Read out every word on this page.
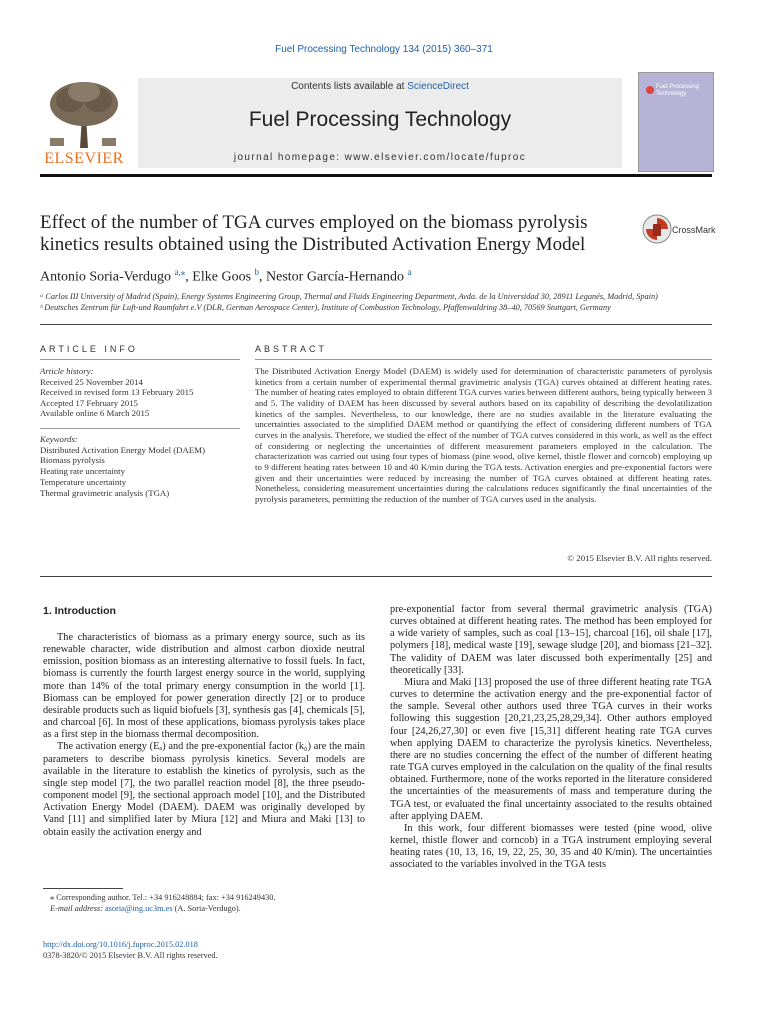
Fuel Processing Technology 134 (2015) 360–371
Contents lists available at ScienceDirect
Fuel Processing Technology
journal homepage: www.elsevier.com/locate/fuproc
ELSEVIER
Fuel Processing Technology
Effect of the number of TGA curves employed on the biomass pyrolysis kinetics results obtained using the Distributed Activation Energy Model
CrossMark
Antonio Soria-Verdugo $^{a,⁎}$, Elke Goos $^b$, Nestor García-Hernando $^a$
ᵃ Carlos III University of Madrid (Spain), Energy Systems Engineering Group, Thermal and Fluids Engineering Department, Avda. de la Universidad 30, 28911 Leganés, Madrid, Spain)
ᵇ Deutsches Zentrum für Luft-und Raumfahrt e.V (DLR, German Aerospace Center), Institute of Combustion Technology, Pfaffenwaldring 38–40, 70569 Stuttgart, Germany
ARTICLE INFO
Article history:
Received 25 November 2014
Received in revised form 13 February 2015
Accepted 17 February 2015
Available online 6 March 2015
Keywords:
Distributed Activation Energy Model (DAEM)
Biomass pyrolysis
Heating rate uncertainty
Temperature uncertainty
Thermal gravimetric analysis (TGA)
ABSTRACT
The Distributed Activation Energy Model (DAEM) is widely used for determination of characteristic parameters of pyrolysis kinetics from a certain number of experimental thermal gravimetric analysis (TGA) curves obtained at different heating rates. The number of heating rates employed to obtain different TGA curves varies between different authors, being typically between 3 and 5. The validity of DAEM has been discussed by several authors based on its capability of describing the devolatilization kinetics of the samples. Nevertheless, to our knowledge, there are no studies available in the literature evaluating the uncertainties associated to the simplified DAEM method or quantifying the effect of considering different numbers of TGA curves in the analysis. Therefore, we studied the effect of the number of TGA curves considered in this work, as well as the effect of considering or neglecting the uncertainties of different measurement parameters employed in the calculation. The characterization was carried out using four types of biomass (pine wood, olive kernel, thistle flower and corncob) employing up to 9 different heating rates between 10 and 40 K/min during the TGA tests. Activation energies and pre-exponential factors were given and their uncertainties were reduced by increasing the number of TGA curves obtained at different heating rates. Nonetheless, considering measurement uncertainties during the calculations reduces significantly the final uncertainties of the pyrolysis parameters, permitting the reduction of the number of TGA curves used in the analysis.
© 2015 Elsevier B.V. All rights reserved.
1. Introduction

The characteristics of biomass as a primary energy source, such as its renewable character, wide distribution and almost carbon dioxide neutral emission, position biomass as an interesting alternative to fossil fuels. In fact, biomass is currently the fourth largest energy source in the world, supplying more than 14% of the total primary energy consumption in the world [1]. Biomass can be employed for power generation directly [2] or to produce desirable products such as liquid biofuels [3], synthesis gas [4], chemicals [5], and charcoal [6]. In most of these applications, biomass pyrolysis takes place as a first step in the biomass thermal decomposition.

The activation energy (Eₐ) and the pre-exponential factor (k₀) are the main parameters to describe biomass pyrolysis kinetics. Several models are available in the literature to establish the kinetics of pyrolysis, such as the single step model [7], the two parallel reaction model [8], the three pseudo-component model [9], the sectional approach model [10], and the Distributed Activation Energy Model (DAEM). DAEM was originally developed by Vand [11] and simplified later by Miura [12] and Miura and Maki [13] to obtain easily the activation energy and

pre-exponential factor from several thermal gravimetric analysis (TGA) curves obtained at different heating rates. The method has been employed for a wide variety of samples, such as coal [13–15], charcoal [16], oil shale [17], polymers [18], medical waste [19], sewage sludge [20], and biomass [21–32]. The validity of DAEM was later discussed both experimentally [25] and theoretically [33].

Miura and Maki [13] proposed the use of three different heating rate TGA curves to determine the activation energy and the pre-exponential factor of the sample. Several other authors used three TGA curves in their works following this suggestion [20,21,23,25,28,29,34]. Other authors employed four [24,26,27,30] or even five [15,31] different heating rate TGA curves when applying DAEM to characterize the pyrolysis kinetics. Nevertheless, there are no studies concerning the effect of the number of different heating rate TGA curves employed in the calculation on the quality of the final results obtained. Furthermore, none of the works reported in the literature considered the uncertainties of the measurements of mass and temperature during the TGA test, or evaluated the final uncertainty associated to the results obtained after applying DAEM.

In this work, four different biomasses were tested (pine wood, olive kernel, thistle flower and corncob) in a TGA instrument employing several heating rates (10, 13, 16, 19, 22, 25, 30, 35 and 40 K/min). The uncertainties associated to the variables involved in the TGA tests

⁎ Corresponding author. Tel.: +34 916248884; fax: +34 916249430.
E-mail address: asoria@ing.uc3m.es (A. Soria-Verdugo).
http://dx.doi.org/10.1016/j.fuproc.2015.02.018
0378-3820/© 2015 Elsevier B.V. All rights reserved.
